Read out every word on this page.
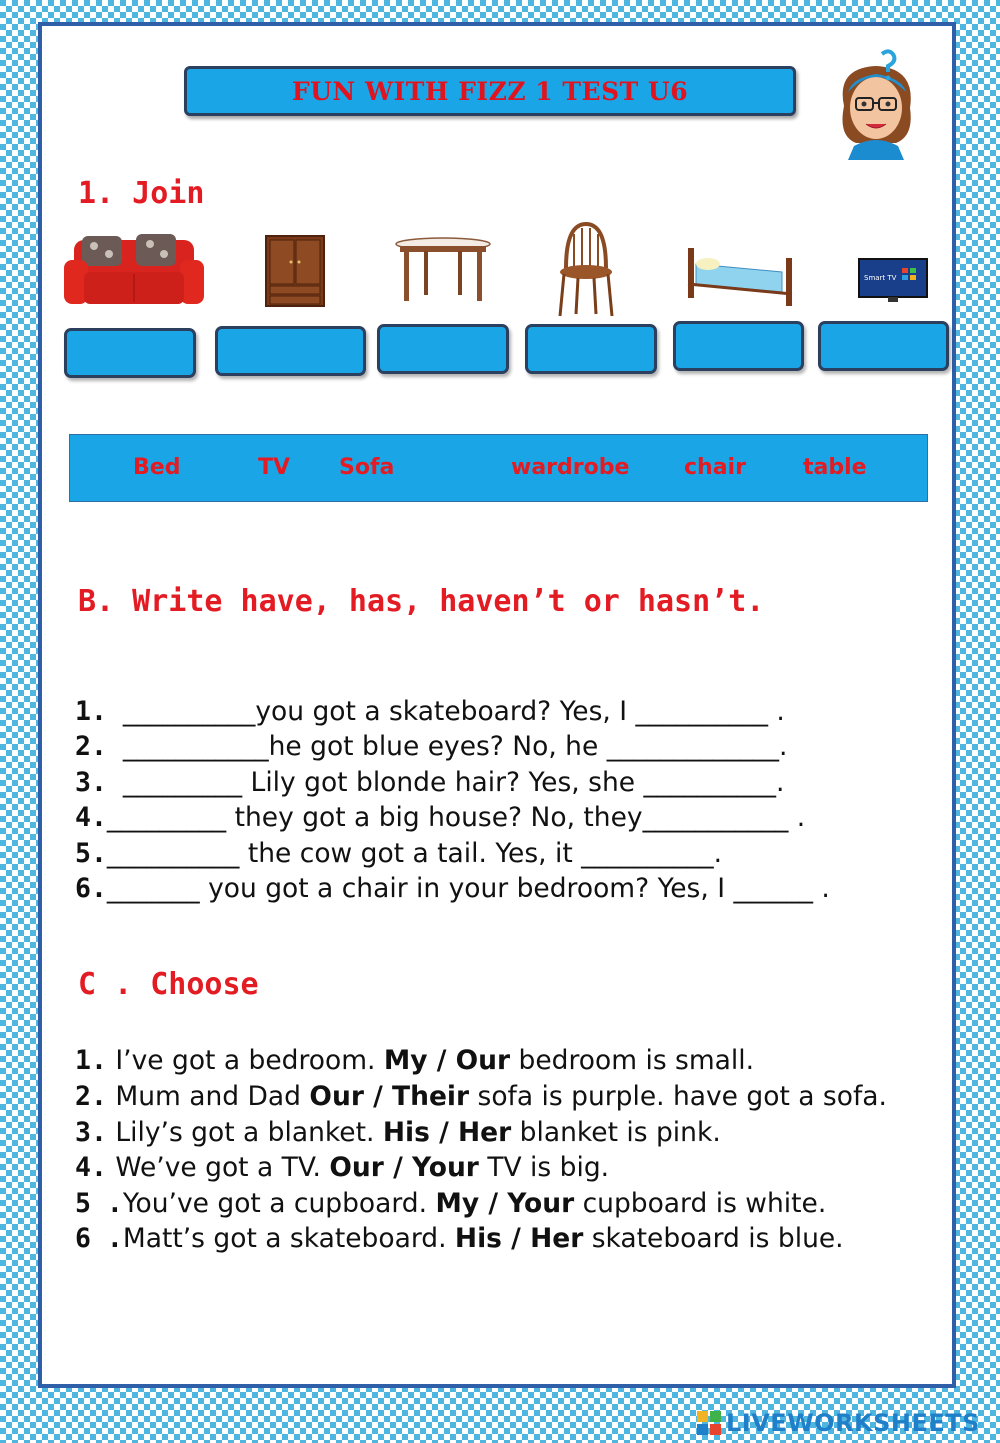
FUN WITH FIZZ 1 TEST U6
1. Join
Smart TV
Bed	TV Sofa	wardrobe chair	table
B. Write have, has, haven’t or hasn’t.

1. __________you got a skateboard? Yes, I __________ .

2. ___________he got blue eyes? No, he _____________.

3. _________ Lily got blonde hair? Yes, she __________.

4._________ they got a big house? No, they___________ .

5.__________ the cow got a tail. Yes, it __________.

6._______ you got a chair in your bedroom? Yes, I ______ .

C . Choose

1. I’ve got a bedroom. My / Our bedroom is small.

2. Mum and Dad Our / Their sofa is purple. have got a sofa.

3. Lily’s got a blanket. His / Her blanket is pink.

4. We’ve got a TV. Our / Your TV is big.

5 .You’ve got a cupboard. My / Your cupboard is white.

6 .Matt’s got a skateboard. His / Her skateboard is blue.

LIVEWORKSHEETS
